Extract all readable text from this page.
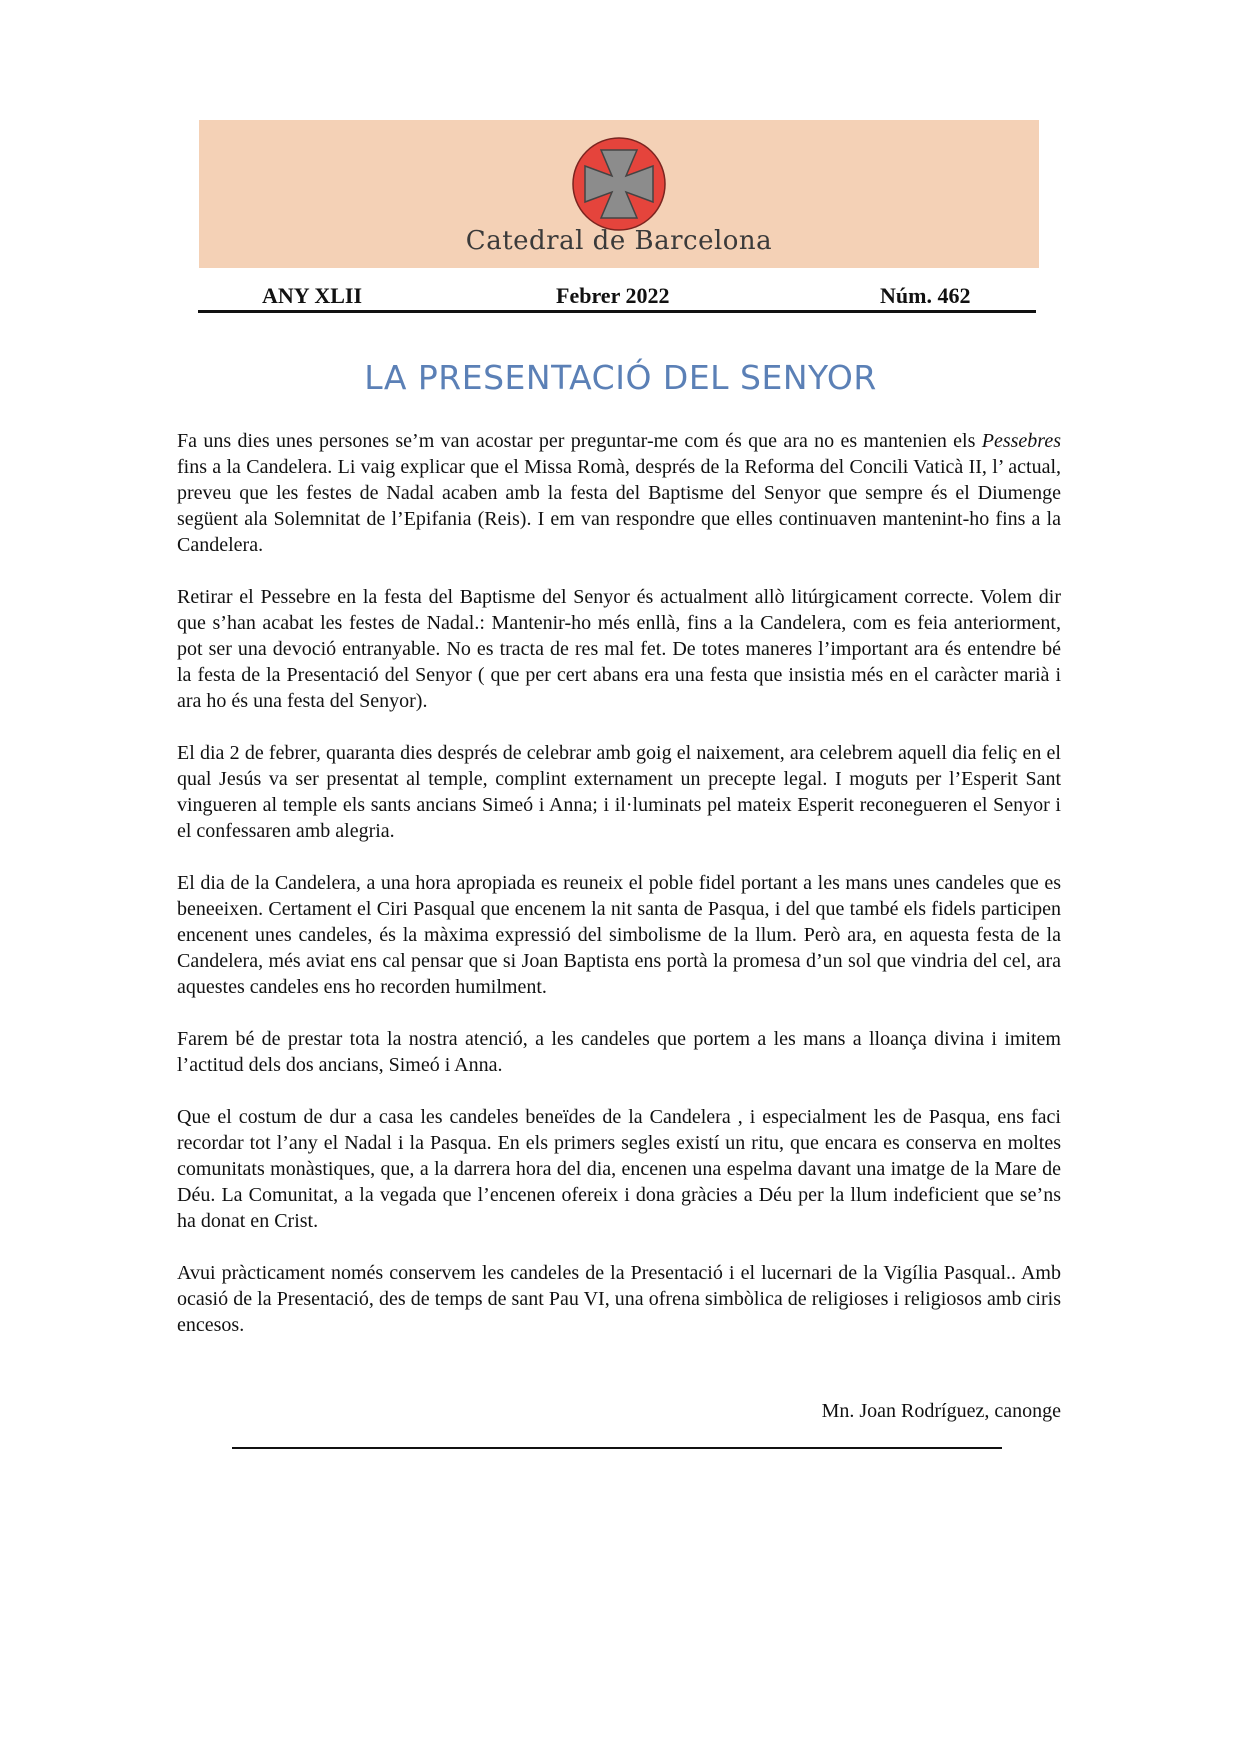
Catedral de Barcelona
ANY XLII	Febrer 2022	Núm. 462
LA PRESENTACIÓ DEL SENYOR

Fa uns dies unes persones se’m van acostar per preguntar-me com és que ara no es mantenien els Pessebres fins a la Candelera. Li vaig explicar que el Missa Romà, després de la Reforma del Concili Vaticà II, l’ actual, preveu que les festes de Nadal acaben amb la festa del Baptisme del Senyor que sempre és el Diumenge següent ala Solemnitat de l’Epifania (Reis). I em van respondre que elles continuaven mantenint-ho fins a la Candelera.

Retirar el Pessebre en la festa del Baptisme del Senyor és actualment allò litúrgicament correcte. Volem dir que s’han acabat les festes de Nadal.: Mantenir-ho més enllà, fins a la Candelera, com es feia anteriorment, pot ser una devoció entranyable. No es tracta de res mal fet. De totes maneres l’important ara és entendre bé la festa de la Presentació del Senyor ( que per cert abans era una festa que insistia més en el caràcter marià i ara ho és una festa del Senyor).

El dia 2 de febrer, quaranta dies després de celebrar amb goig el naixement, ara celebrem aquell dia feliç en el qual Jesús va ser presentat al temple, complint externament un precepte legal. I moguts per l’Esperit Sant vingueren al temple els sants ancians Simeó i Anna; i il·luminats pel mateix Esperit reconegueren el Senyor i el confessaren amb alegria.

El dia de la Candelera, a una hora apropiada es reuneix el poble fidel portant a les mans unes candeles que es beneeixen. Certament el Ciri Pasqual que encenem la nit santa de Pasqua, i del que també els fidels participen encenent unes candeles, és la màxima expressió del simbolisme de la llum. Però ara, en aquesta festa de la Candelera, més aviat ens cal pensar que si Joan Baptista ens portà la promesa d’un sol que vindria del cel, ara aquestes candeles ens ho recorden humilment.

Farem bé de prestar tota la nostra atenció, a les candeles que portem a les mans a lloança divina i imitem l’actitud dels dos ancians, Simeó i Anna.

Que el costum de dur a casa les candeles beneïdes de la Candelera , i especialment les de Pasqua, ens faci recordar tot l’any el Nadal i la Pasqua. En els primers segles existí un ritu, que encara es conserva en moltes comunitats monàstiques, que, a la darrera hora del dia, encenen una espelma davant una imatge de la Mare de Déu. La Comunitat, a la vegada que l’encenen ofereix i dona gràcies a Déu per la llum indeficient que se’ns ha donat en Crist.

Avui pràcticament només conservem les candeles de la Presentació i el lucernari de la Vigília Pasqual.. Amb ocasió de la Presentació, des de temps de sant Pau VI, una ofrena simbòlica de religioses i religiosos amb ciris encesos.

Mn. Joan Rodríguez, canonge
